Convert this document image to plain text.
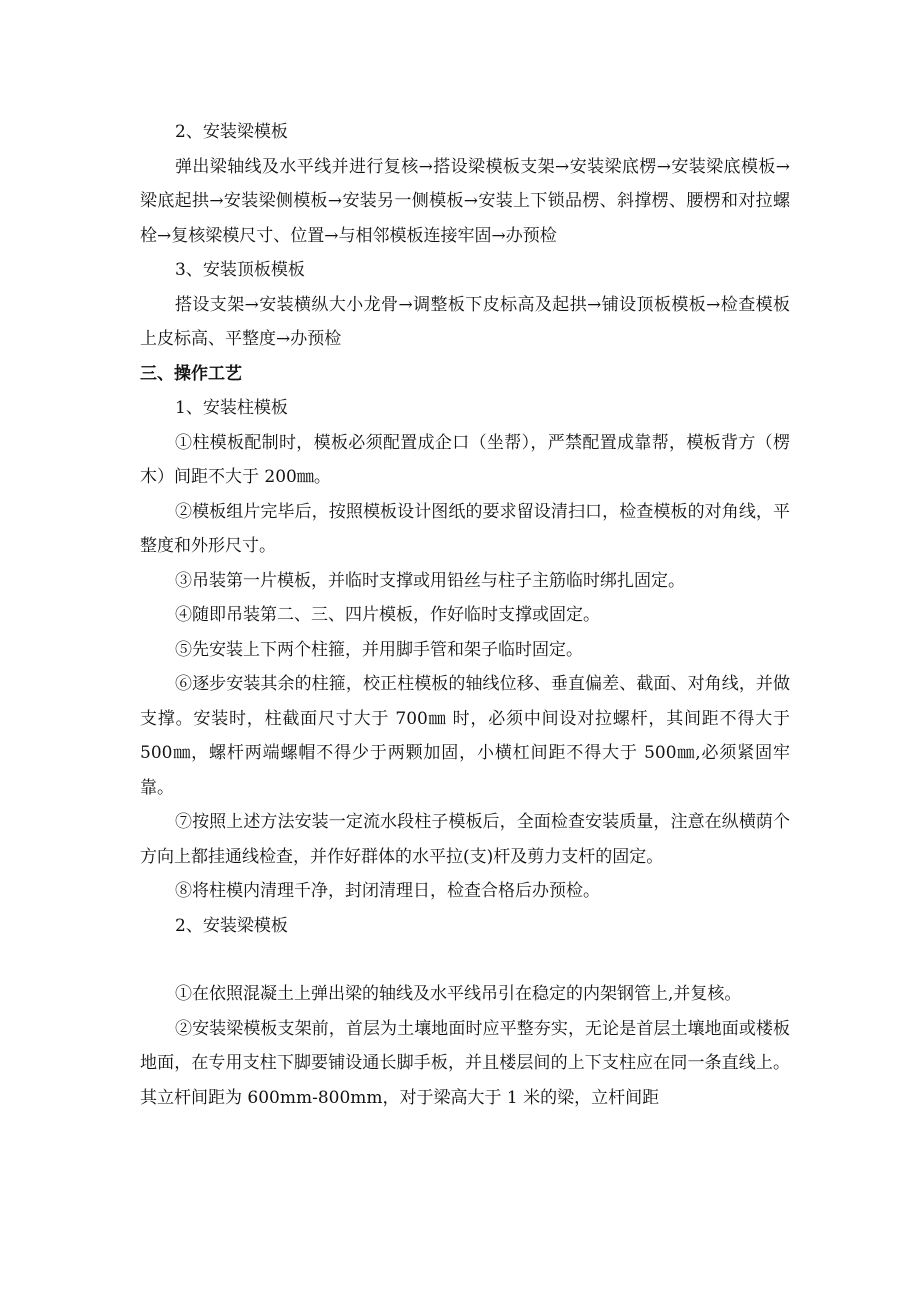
2、安装梁模板

弹出梁轴线及水平线并进行复核→搭设梁模板支架→安装梁底楞→安装梁底模板→梁底起拱→安装梁侧模板→安装另一侧模板→安装上下锁品楞、斜撑楞、腰楞和对拉螺栓→复核梁模尺寸、位置→与相邻模板连接牢固→办预检

3、安装顶板模板

搭设支架→安装横纵大小龙骨→调整板下皮标高及起拱→铺设顶板模板→检查模板上皮标高、平整度→办预检

三、操作工艺

1、安装柱模板

①柱模板配制时，模板必须配置成企口（坐帮），严禁配置成靠帮，模板背方（楞木）间距不大于 200㎜。

②模板组片完毕后，按照模板设计图纸的要求留设清扫口，检查模板的对角线，平整度和外形尺寸。

③吊装第一片模板，并临时支撑或用铅丝与柱子主筋临时绑扎固定。

④随即吊装第二、三、四片模板，作好临时支撑或固定。

⑤先安装上下两个柱箍，并用脚手管和架子临时固定。

⑥逐步安装其余的柱箍，校正柱模板的轴线位移、垂直偏差、截面、对角线，并做支撑。安装时，柱截面尺寸大于 700㎜ 时，必须中间设对拉螺杆，其间距不得大于 500㎜，螺杆两端螺帽不得少于两颗加固，小横杠间距不得大于 500㎜,必须紧固牢靠。

⑦按照上述方法安装一定流水段柱子模板后，全面检查安装质量，注意在纵横荫个方向上都挂通线检查，并作好群体的水平拉(支)杆及剪力支杆的固定。

⑧将柱模内清理千净，封闭清理日，检查合格后办预检。

2、安装梁模板

①在依照混凝土上弹出梁的轴线及水平线吊引在稳定的内架钢管上,并复核。

②安装梁模板支架前，首层为土壤地面时应平整夯实，无论是首层土壤地面或楼板地面，在专用支柱下脚要铺设通长脚手板，并且楼层间的上下支柱应在同一条直线上。其立杆间距为 600mm-800mm，对于梁高大于 1 米的梁，立杆间距
